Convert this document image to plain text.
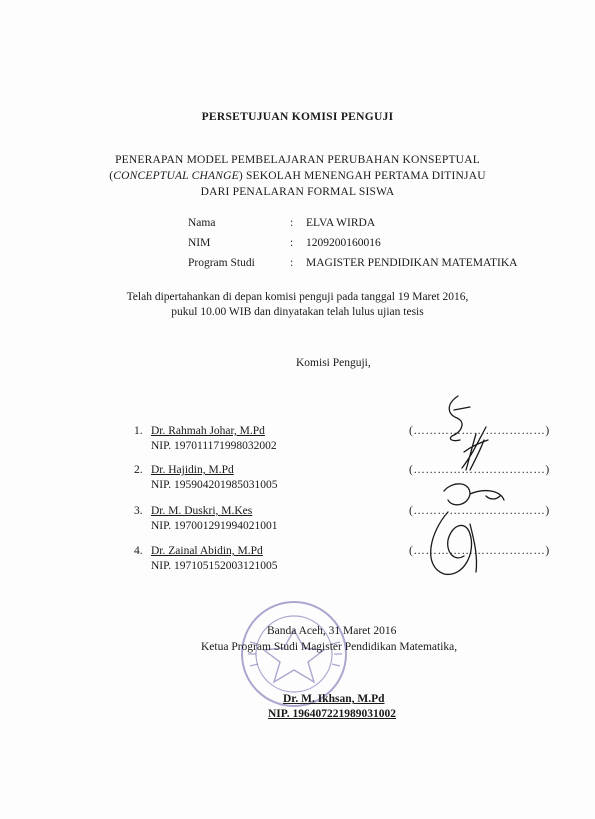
PERSETUJUAN KOMISI PENGUJI
PENERAPAN MODEL PEMBELAJARAN PERUBAHAN KONSEPTUAL
(CONCEPTUAL CHANGE) SEKOLAH MENENGAH PERTAMA DITINJAU
DARI PENALARAN FORMAL SISWA
Nama	: ELVA WIRDA
NIM	: 1209200160016
Program Studi	: MAGISTER PENDIDIKAN MATEMATIKA
Telah dipertahankan di depan komisi penguji pada tanggal 19 Maret 2016,
pukul 10.00 WIB dan dinyatakan telah lulus ujian tesis
Komisi Penguji,
1. Dr. Rahmah Johar, M.Pd
NIP. 197011171998032002
(……………………………)
2. Dr. Hajidin, M.Pd
NIP. 195904201985031005
(……………………………)
3. Dr. M. Duskri, M.Kes
NIP. 197001291994021001
(……………………………)
4. Dr. Zainal Abidin, M.Pd
NIP. 197105152003121005
(……………………………)
Banda Aceh, 31 Maret 2016
Ketua Program Studi Magister Pendidikan Matematika,
Dr. M. Ikhsan, M.Pd
NIP. 196407221989031002
